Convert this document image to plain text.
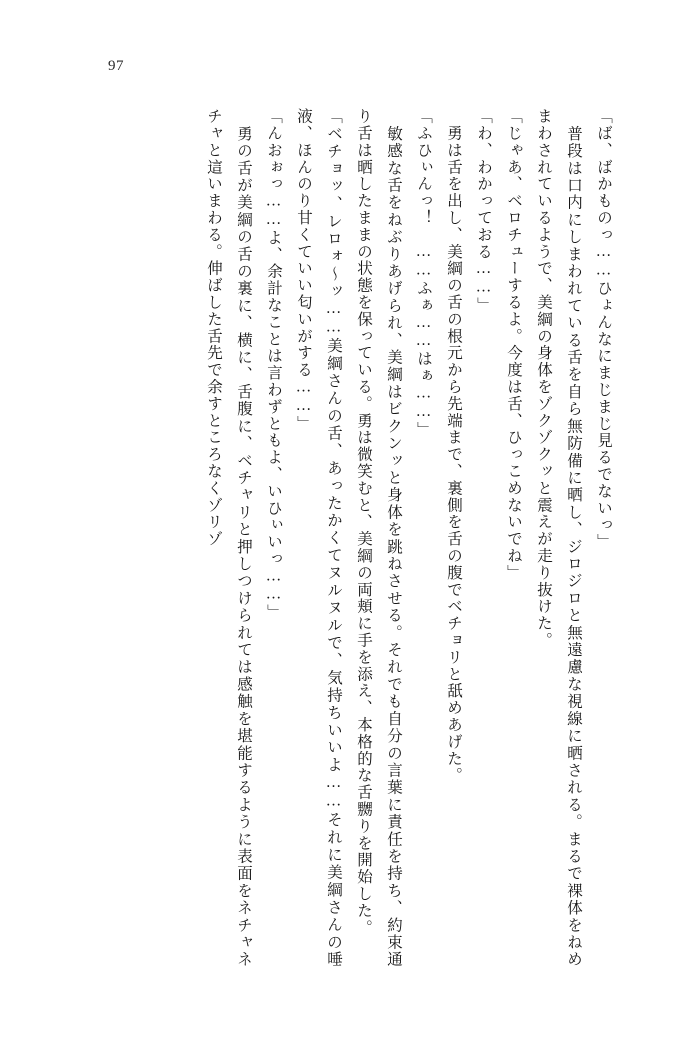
97
「ば、ばかものっ……ひょんなにまじまじ見るでないっ」
　普段は口内にしまわれている舌を自ら無防備に晒し、ジロジロと無遠慮な視線に晒される。まるで裸体をねめまわされているようで、美綱の身体をゾクゾクッと震えが走り抜けた。
「じゃあ、ベロチューするよ。今度は舌、ひっこめないでね」
「わ、わかっておる……」
　勇は舌を出し、美綱の舌の根元から先端まで、裏側を舌の腹でベチョリと舐めあげた。
「ふひぃんっ！　……ふぁ……はぁ……」
　敏感な舌をねぶりあげられ、美綱はビクンッと身体を跳ねさせる。それでも自分の言葉に責任を持ち、約束通り舌は晒したままの状態を保っている。勇は微笑むと、美綱の両頬に手を添え、本格的な舌嬲りを開始した。
「ベチョッ、レロォ～ッ……美綱さんの舌、あったかくてヌルヌルで、気持ちいいよ……それに美綱さんの唾液、ほんのり甘くていい匂いがする……」
「んおぉっ……よ、余計なことは言わずともよ、いひぃいっ……」
　勇の舌が美綱の舌の裏に、横に、舌腹に、ベチャリと押しつけられては感触を堪能するように表面をネチャネチャと這いまわる。伸ばした舌先で余すところなくゾリゾ
